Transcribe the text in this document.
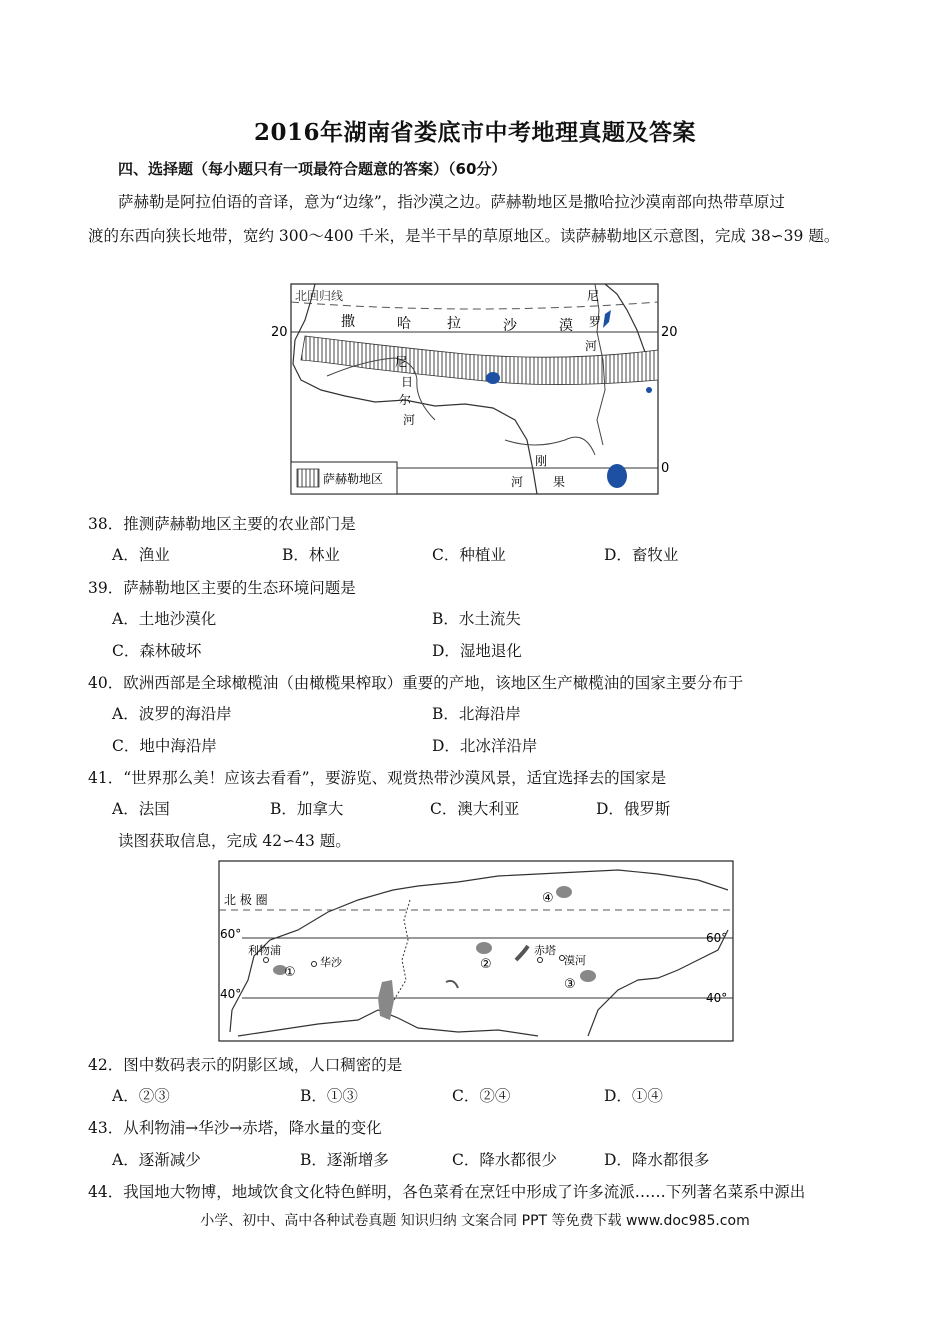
2016年湖南省娄底市中考地理真题及答案
四、选择题（每小题只有一项最符合题意的答案）（60分）
萨赫勒是阿拉伯语的音译，意为“边缘”，指沙漠之边。萨赫勒地区是撒哈拉沙漠南部向热带草原过
渡的东西向狭长地带，宽约 300～400 千米，是半干旱的草原地区。读萨赫勒地区示意图，完成 38∽39 题。
北回归线
20	20
0
撒	哈	拉	沙	漠
尼
罗
河
尼
日
尔
河
刚
果
河
萨赫勒地区
38．推测萨赫勒地区主要的农业部门是
A．渔业	B．林业	C．种植业	D．畜牧业
39．萨赫勒地区主要的生态环境问题是
A．土地沙漠化	B．水土流失
C．森林破坏	D．湿地退化
40．欧洲西部是全球橄榄油（由橄榄果榨取）重要的产地，该地区生产橄榄油的国家主要分布于
A．波罗的海沿岸	B．北海沿岸
C．地中海沿岸	D．北冰洋沿岸
41．“世界那么美！应该去看看”，要游览、观赏热带沙漠风景，适宜选择去的国家是
A．法国	B．加拿大	C．澳大利亚	D．俄罗斯
读图获取信息，完成 42∽43 题。
北 极 圈
60°	60°
40°	40°
①
②
③
④
利物浦
华沙
赤塔
漠河
42．图中数码表示的阴影区域，人口稠密的是
A．②③	B．①③	C．②④	D．①④
43．从利物浦→华沙→赤塔，降水量的变化
A．逐渐减少	B．逐渐增多	C．降水都很少	D．降水都很多
44．我国地大物博，地域饮食文化特色鲜明，各色菜肴在烹饪中形成了许多流派……下列著名菜系中源出
小学、初中、高中各种试卷真题 知识归纳 文案合同 PPT 等免费下载 www.doc985.com
